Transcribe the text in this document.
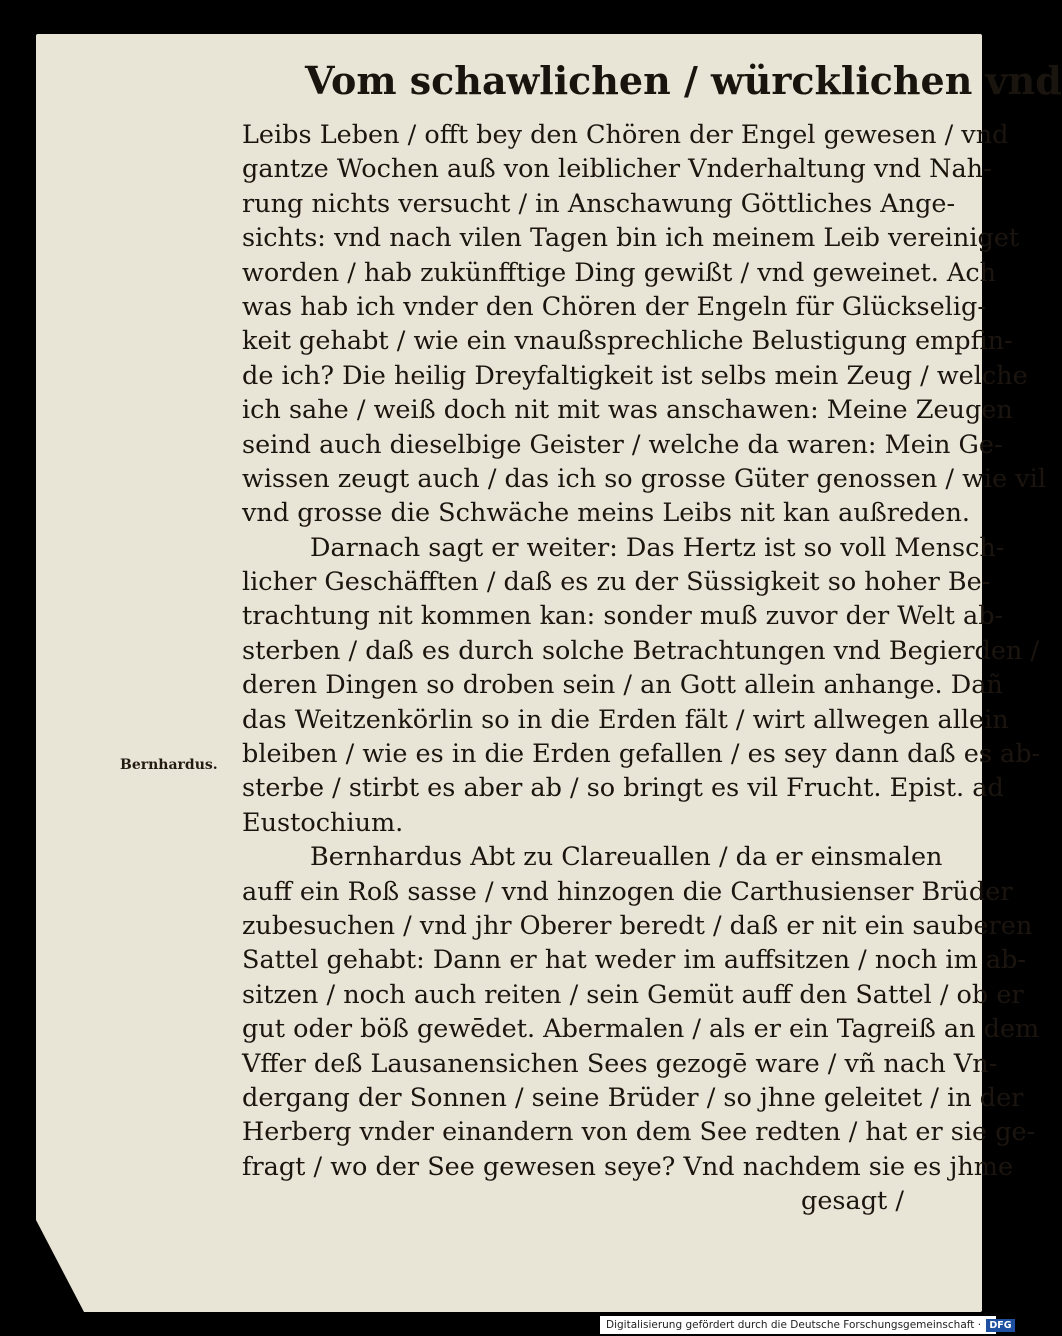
Vom schawlichen / würcklichen vnd
Bernhardus.
Leibs Leben / offt bey den Chören der Engel gewesen / vnd
gantze Wochen auß von leiblicher Vnderhaltung vnd Nah-
rung nichts versucht / in Anschawung Göttliches Ange-
sichts: vnd nach vilen Tagen bin ich meinem Leib vereiniget
worden / hab zukünfftige Ding gewißt / vnd geweinet. Ach
was hab ich vnder den Chören der Engeln für Glückselig-
keit gehabt / wie ein vnaußsprechliche Belustigung empfin-
de ich? Die heilig Dreyfaltigkeit ist selbs mein Zeug / welche
ich sahe / weiß doch nit mit was anschawen: Meine Zeugen
seind auch dieselbige Geister / welche da waren: Mein Ge-
wissen zeugt auch / das ich so grosse Güter genossen / wie vil
vnd grosse die Schwäche meins Leibs nit kan außreden.
Darnach sagt er weiter: Das Hertz ist so voll Mensch-
licher Geschäfften / daß es zu der Süssigkeit so hoher Be-
trachtung nit kommen kan: sonder muß zuvor der Welt ab-
sterben / daß es durch solche Betrachtungen vnd Begierden /
deren Dingen so droben sein / an Gott allein anhange. Dañ
das Weitzenkörlin so in die Erden fält / wirt allwegen allein
bleiben / wie es in die Erden gefallen / es sey dann daß es ab-
sterbe / stirbt es aber ab / so bringt es vil Frucht. Epist. ad
Eustochium.
Bernhardus Abt zu Clareuallen / da er einsmalen
auff ein Roß sasse / vnd hinzogen die Carthusienser Brüder
zubesuchen / vnd jhr Oberer beredt / daß er nit ein sauberen
Sattel gehabt: Dann er hat weder im auffsitzen / noch im ab-
sitzen / noch auch reiten / sein Gemüt auff den Sattel / ob er
gut oder böß gewēdet. Abermalen / als er ein Tagreiß an dem
Vffer deß Lausanensichen Sees gezogē ware / vñ nach Vn-
dergang der Sonnen / seine Brüder / so jhne geleitet / in der
Herberg vnder einandern von dem See redten / hat er sie ge-
fragt / wo der See gewesen seye? Vnd nachdem sie es jhme
gesagt /
Digitalisierung gefördert durch die Deutsche Forschungsgemeinschaft · DFG
